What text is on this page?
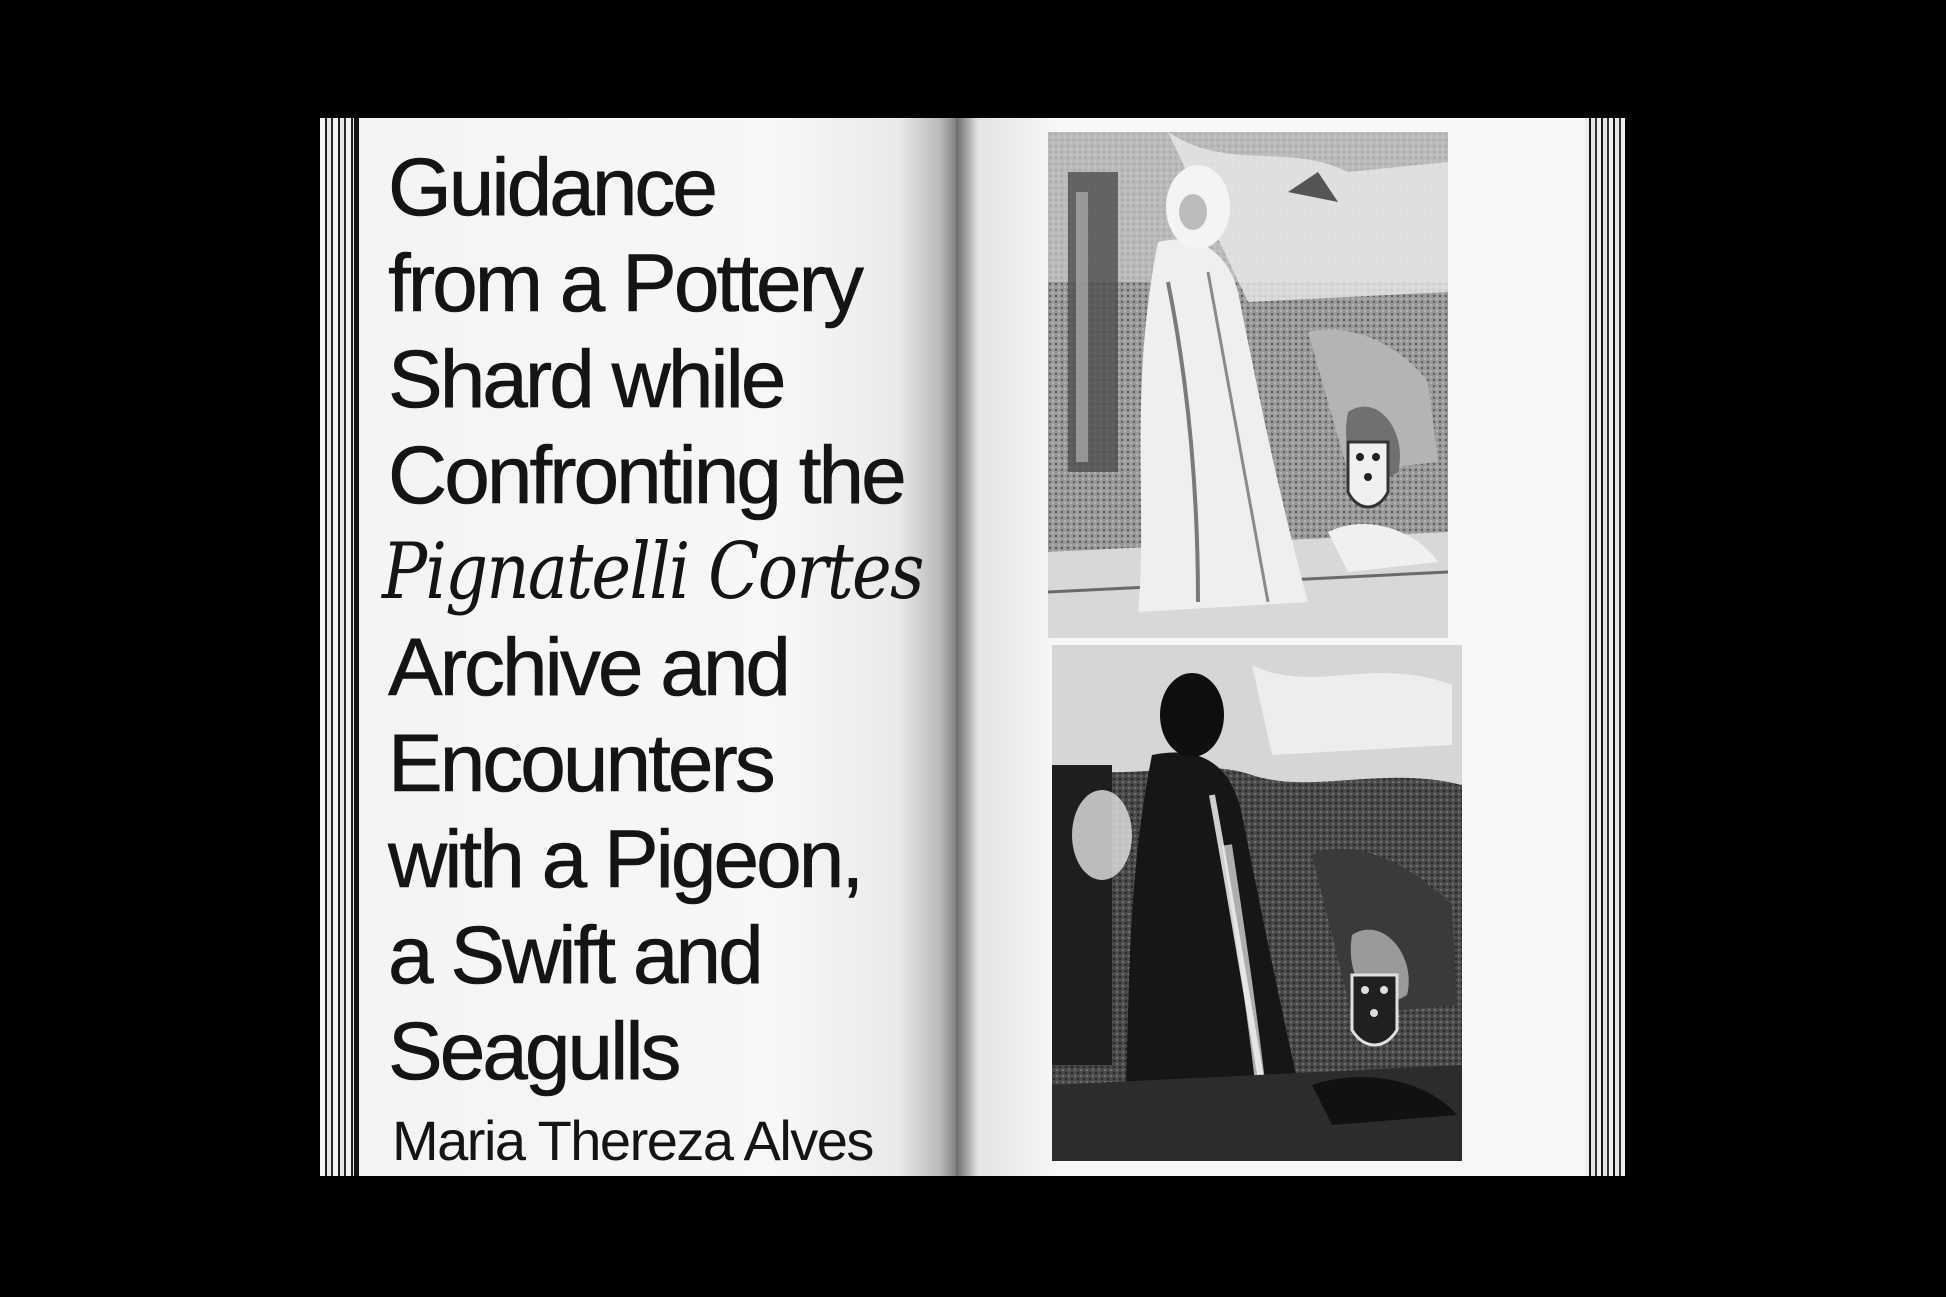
Guidance
from a Pottery
Shard while
Confronting the
Pignatelli Cortes
Archive and
Encounters
with a Pigeon,
a Swift and
Seagulls
Maria Thereza Alves
